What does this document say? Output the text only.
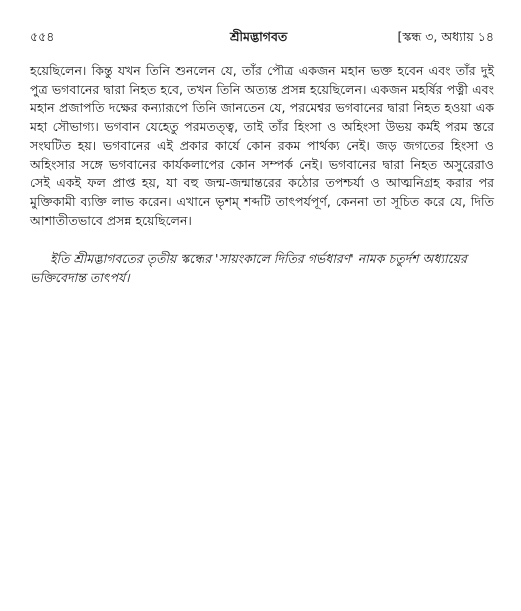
৫৫৪	শ্রীমদ্ভাগবত	[স্কন্ধ ৩, অধ্যায় ১৪

হয়েছিলেন। কিন্তু যখন তিনি শুনলেন যে, তাঁর পৌত্র একজন মহান ভক্ত হবেন এবং তাঁর দুই পুত্র ভগবানের দ্বারা নিহত হবে, তখন তিনি অত্যন্ত প্রসন্ন হয়েছিলেন। একজন মহর্ষির পত্নী এবং মহান প্রজাপতি দক্ষের কন্যারূপে তিনি জানতেন যে, পরমেশ্বর ভগবানের দ্বারা নিহত হওয়া এক মহা সৌভাগ্য। ভগবান যেহেতু পরমতত্ত্ব, তাই তাঁর হিংসা ও অহিংসা উভয় কর্মই পরম স্তরে সংঘটিত হয়। ভগবানের এই প্রকার কার্যে কোন রকম পার্থক্য নেই। জড় জগতের হিংসা ও অহিংসার সঙ্গে ভগবানের কার্যকলাপের কোন সম্পর্ক নেই। ভগবানের দ্বারা নিহত অসুরেরাও সেই একই ফল প্রাপ্ত হয়, যা বহু জন্ম-জন্মান্তরের কঠোর তপশ্চর্যা ও আত্মনিগ্রহ করার পর মুক্তিকামী ব্যক্তি লাভ করেন। এখানে ভৃশম্ শব্দটি তাৎপর্যপূর্ণ, কেননা তা সূচিত করে যে, দিতি আশাতীতভাবে প্রসন্ন হয়েছিলেন।

ইতি শ্রীমদ্ভাগবতের তৃতীয় স্কন্ধের 'সায়ংকালে দিতির গর্ভধারণ' নামক চতুর্দশ অধ্যায়ের ভক্তিবেদান্ত তাৎপর্য।
